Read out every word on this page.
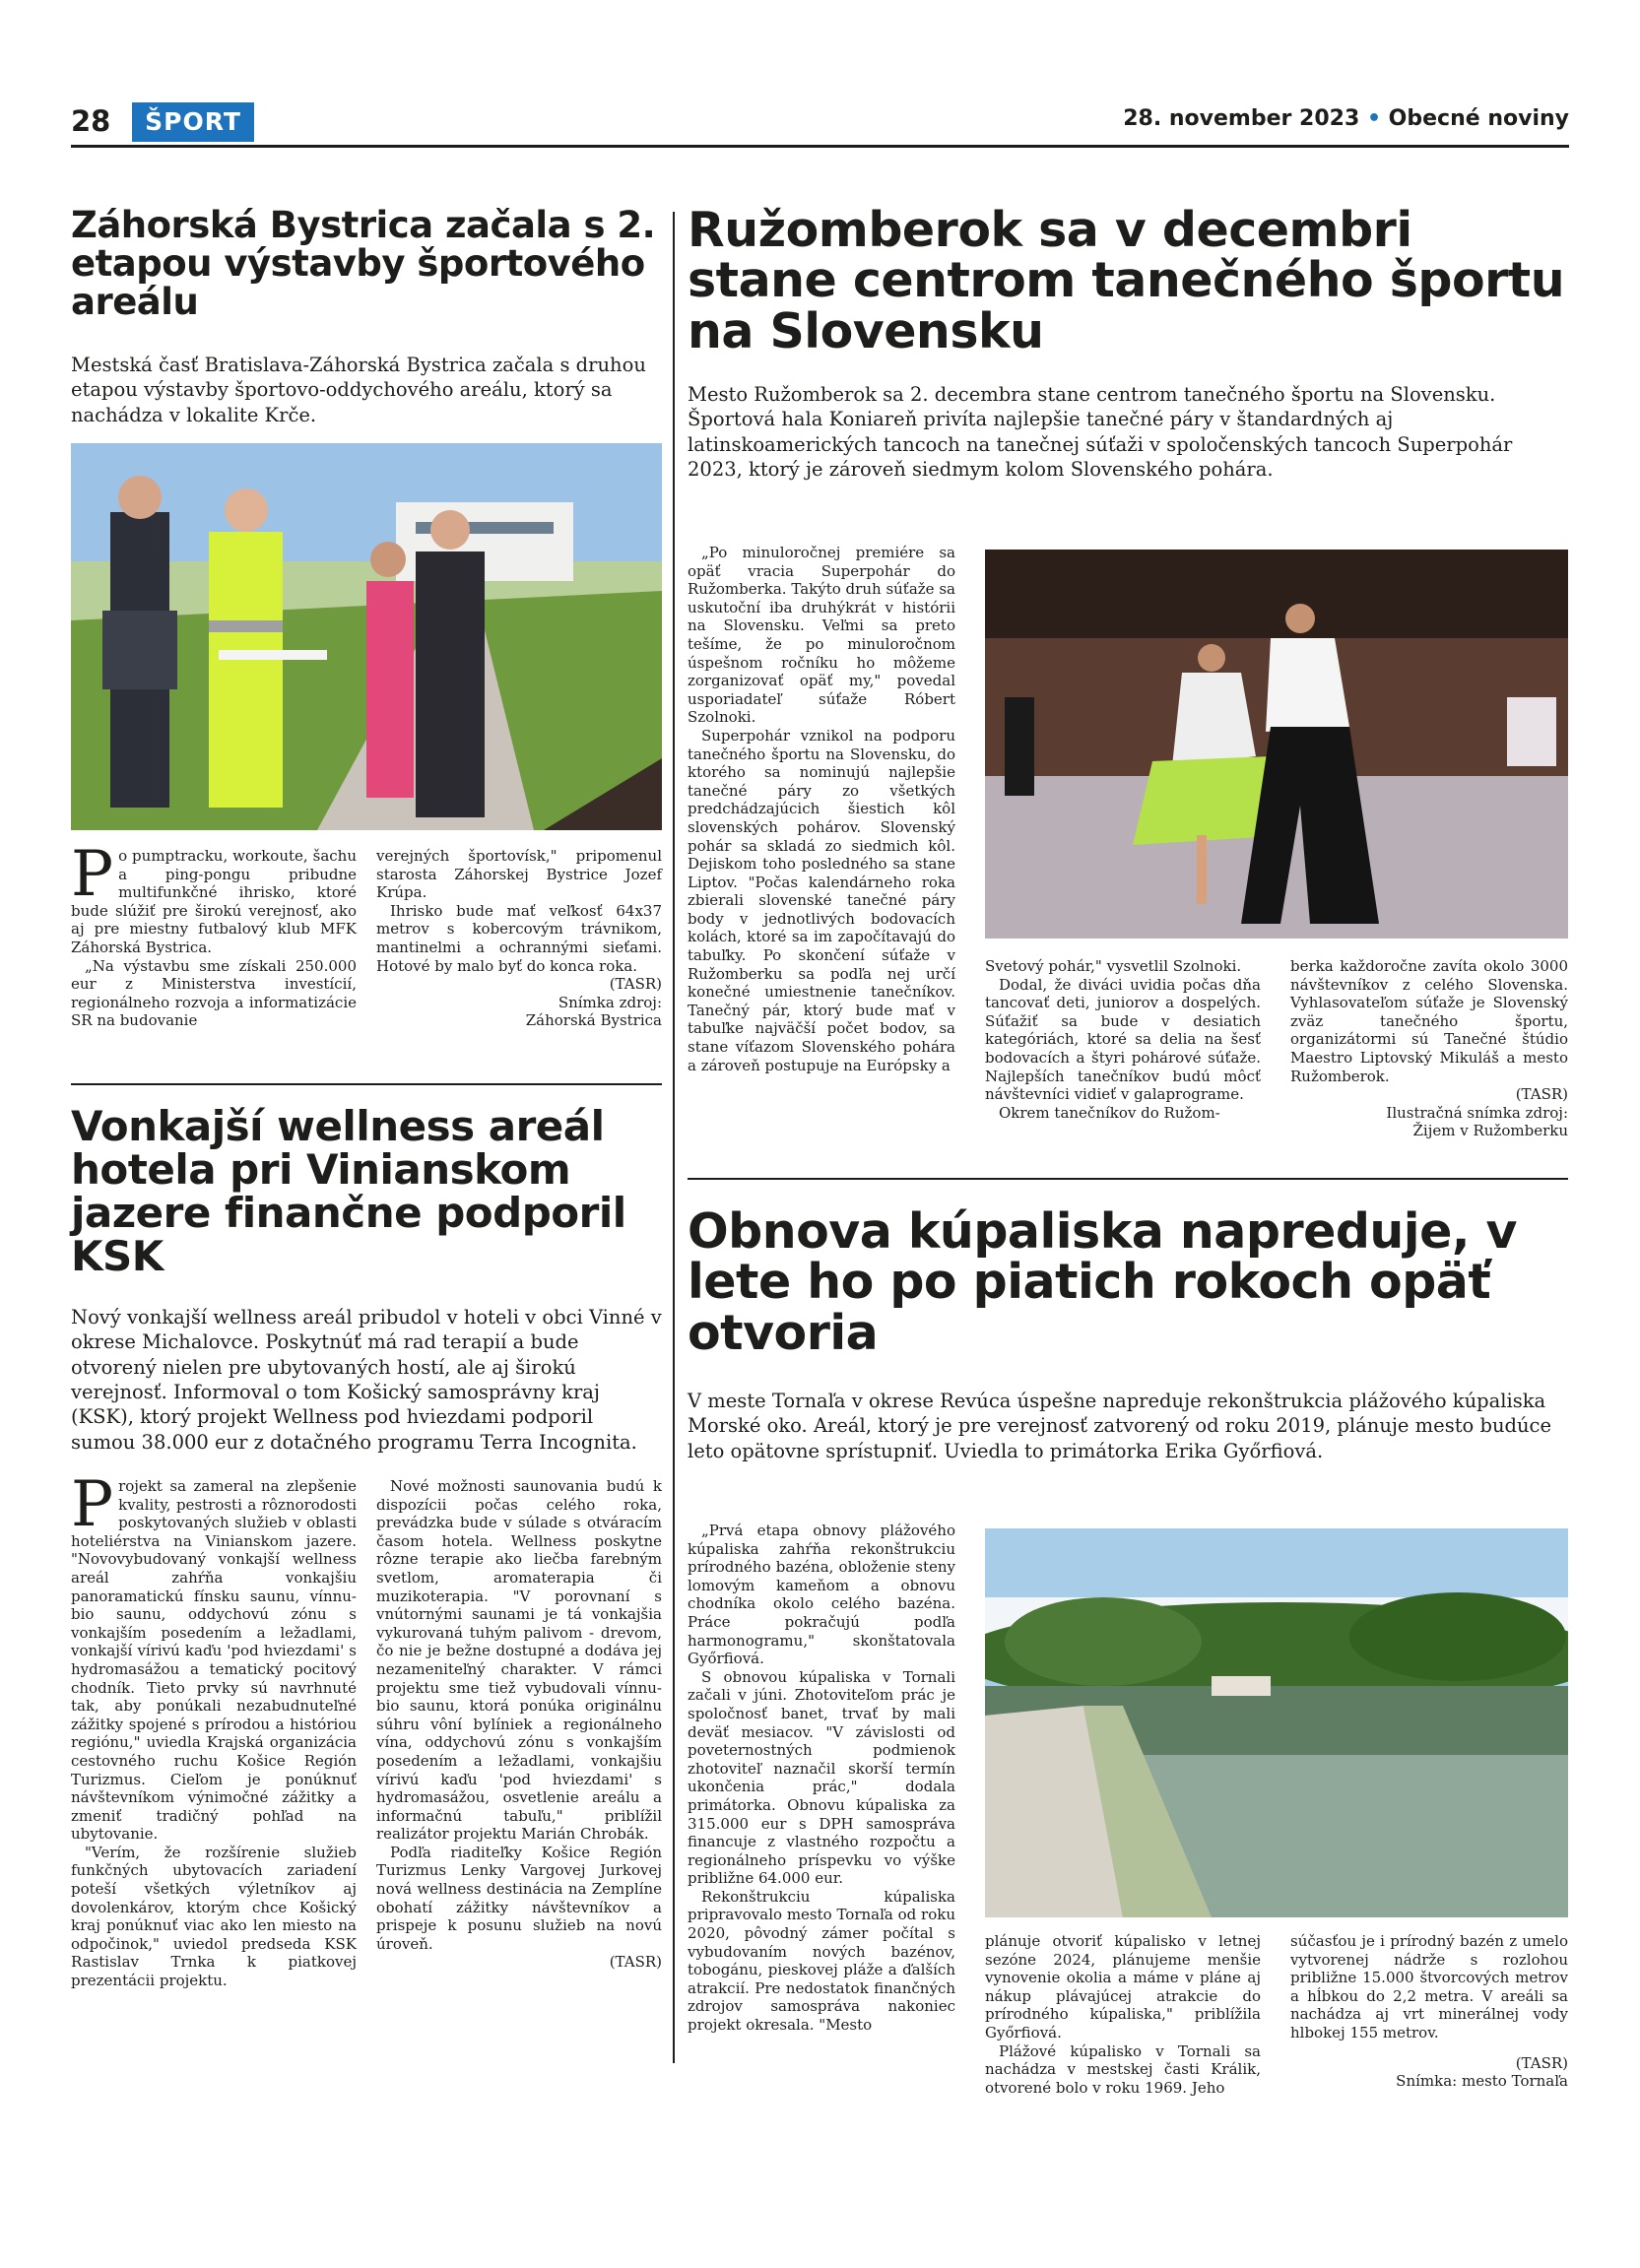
28	ŠPORT	28. november 2023 • Obecné noviny
Záhorská Bystrica začala s 2. etapou výstavby športového areálu
Mestská časť Bratislava-Záhorská Bystrica začala s druhou etapou výstavby športovo-oddychového areálu, ktorý sa nachádza v lokalite Krče.

Po pumptracku, workoute, šachu a ping-pongu pribudne multifunkčné ihrisko, ktoré bude slúžiť pre širokú verejnosť, ako aj pre miestny futbalový klub MFK Záhorská Bystrica.

„Na výstavbu sme získali 250.000 eur z Ministerstva investícií, regionálneho rozvoja a informatizácie SR na budovanie

verejných športovísk," pripomenul starosta Záhorskej Bystrice Jozef Krúpa.

Ihrisko bude mať veľkosť 64x37 metrov s kobercovým trávnikom, mantinelmi a ochrannými sieťami. Hotové by malo byť do konca roka.

(TASR)

Snímka zdroj:

Záhorská Bystrica

Vonkajší wellness areál hotela pri Vinianskom jazere finančne podporil KSK
Nový vonkajší wellness areál pribudol v hoteli v obci Vinné v okrese Michalovce. Poskytnúť má rad terapií a bude otvorený nielen pre ubytovaných hostí, ale aj širokú verejnosť. Informoval o tom Košický samosprávny kraj (KSK), ktorý projekt Wellness pod hviezdami podporil sumou 38.000 eur z dotačného programu Terra Incognita.

Projekt sa zameral na zlepšenie kvality, pestrosti a rôznorodosti poskytovaných služieb v oblasti hoteliérstva na Vinianskom jazere. "Novovybudovaný vonkajší wellness areál zahŕňa vonkajšiu panoramatickú fínsku saunu, vínnu-bio saunu, oddychovú zónu s vonkajším posedením a ležadlami, vonkajší vírivú kaďu 'pod hviezdami' s hydromasážou a tematický pocitový chodník. Tieto prvky sú navrhnuté tak, aby ponúkali nezabudnuteľné zážitky spojené s prírodou a históriou regiónu," uviedla Krajská organizácia cestovného ruchu Košice Región Turizmus. Cieľom je ponúknuť návštevníkom výnimočné zážitky a zmeniť tradičný pohľad na ubytovanie.

"Verím, že rozšírenie služieb funkčných ubytovacích zariadení poteší všetkých výletníkov aj dovolenkárov, ktorým chce Košický kraj ponúknuť viac ako len miesto na odpočinok," uviedol predseda KSK Rastislav Trnka k piatkovej prezentácii projektu.

Nové možnosti saunovania budú k dispozícii počas celého roka, prevádzka bude v súlade s otváracím časom hotela. Wellness poskytne rôzne terapie ako liečba farebným svetlom, aromaterapia či muzikoterapia. "V porovnaní s vnútornými saunami je tá vonkajšia vykurovaná tuhým palivom - drevom, čo nie je bežne dostupné a dodáva jej nezameniteľný charakter. V rámci projektu sme tiež vybudovali vínnu-bio saunu, ktorá ponúka originálnu súhru vôní bylíniek a regionálneho vína, oddychovú zónu s vonkajším posedením a ležadlami, vonkajšiu vírivú kaďu 'pod hviezdami' s hydromasážou, osvetlenie areálu a informačnú tabuľu," priblížil realizátor projektu Marián Chrobák.

Podľa riaditeľky Košice Región Turizmus Lenky Vargovej Jurkovej nová wellness destinácia na Zemplíne obohatí zážitky návštevníkov a prispeje k posunu služieb na novú úroveň.

(TASR)

Ružomberok sa v decembri stane centrom tanečného športu na Slovensku
Mesto Ružomberok sa 2. decembra stane centrom tanečného športu na Slovensku. Športová hala Koniareň privíta najlepšie tanečné páry v štandardných aj latinskoamerických tancoch na tanečnej súťaži v spoločenských tancoch Superpohár 2023, ktorý je zároveň siedmym kolom Slovenského pohára.

„Po minuloročnej premiére sa opäť vracia Superpohár do Ružomberka. Takýto druh súťaže sa uskutoční iba druhýkrát v histórii na Slovensku. Veľmi sa preto tešíme, že po minuloročnom úspešnom ročníku ho môžeme zorganizovať opäť my," povedal usporiadateľ súťaže Róbert Szolnoki.

Superpohár vznikol na podporu tanečného športu na Slovensku, do ktorého sa nominujú najlepšie tanečné páry zo všetkých predchádzajúcich šiestich kôl slovenských pohárov. Slovenský pohár sa skladá zo siedmich kôl. Dejiskom toho posledného sa stane Liptov. "Počas kalendárneho roka zbierali slovenské tanečné páry body v jednotlivých bodovacích kolách, ktoré sa im započítavajú do tabuľky. Po skončení súťaže v Ružomberku sa podľa nej určí konečné umiestnenie tanečníkov. Tanečný pár, ktorý bude mať v tabuľke najväčší počet bodov, sa stane víťazom Slovenského pohára a zároveň postupuje na Európsky a

Svetový pohár," vysvetlil Szolnoki.

Dodal, že diváci uvidia počas dňa tancovať deti, juniorov a dospelých. Súťažiť sa bude v desiatich kategóriách, ktoré sa delia na šesť bodovacích a štyri pohárové súťaže. Najlepších tanečníkov budú môcť návštevníci vidieť v galaprograme.

Okrem tanečníkov do Ružom-

berka každoročne zavíta okolo 3000 návštevníkov z celého Slovenska. Vyhlasovateľom súťaže je Slovenský zväz tanečného športu, organizátormi sú Tanečné štúdio Maestro Liptovský Mikuláš a mesto Ružomberok.

(TASR)

Ilustračná snímka zdroj:

Žijem v Ružomberku

Obnova kúpaliska napreduje, v lete ho po piatich rokoch opäť otvoria
V meste Tornaľa v okrese Revúca úspešne napreduje rekonštrukcia plážového kúpaliska Morské oko. Areál, ktorý je pre verejnosť zatvorený od roku 2019, plánuje mesto budúce leto opätovne sprístupniť. Uviedla to primátorka Erika Győrfiová.

„Prvá etapa obnovy plážového kúpaliska zahŕňa rekonštrukciu prírodného bazéna, obloženie steny lomovým kameňom a obnovu chodníka okolo celého bazéna. Práce pokračujú podľa harmonogramu," skonštatovala Győrfiová.

S obnovou kúpaliska v Tornali začali v júni. Zhotoviteľom prác je spoločnosť banet, trvať by mali deväť mesiacov. "V závislosti od poveternostných podmienok zhotoviteľ naznačil skorší termín ukončenia prác," dodala primátorka. Obnovu kúpaliska za 315.000 eur s DPH samospráva financuje z vlastného rozpočtu a regionálneho príspevku vo výške približne 64.000 eur.

Rekonštrukciu kúpaliska pripravovalo mesto Tornaľa od roku 2020, pôvodný zámer počítal s vybudovaním nových bazénov, tobogánu, pieskovej pláže a ďalších atrakcií. Pre nedostatok finančných zdrojov samospráva nakoniec projekt okresala. "Mesto

plánuje otvoriť kúpalisko v letnej sezóne 2024, plánujeme menšie vynovenie okolia a máme v pláne aj nákup plávajúcej atrakcie do prírodného kúpaliska," priblížila Győrfiová.

Plážové kúpalisko v Tornali sa nachádza v mestskej časti Králik, otvorené bolo v roku 1969. Jeho

súčasťou je i prírodný bazén z umelo vytvorenej nádrže s rozlohou približne 15.000 štvorcových metrov a hĺbkou do 2,2 metra. V areáli sa nachádza aj vrt minerálnej vody hlbokej 155 metrov.

(TASR)

Snímka: mesto Tornaľa
